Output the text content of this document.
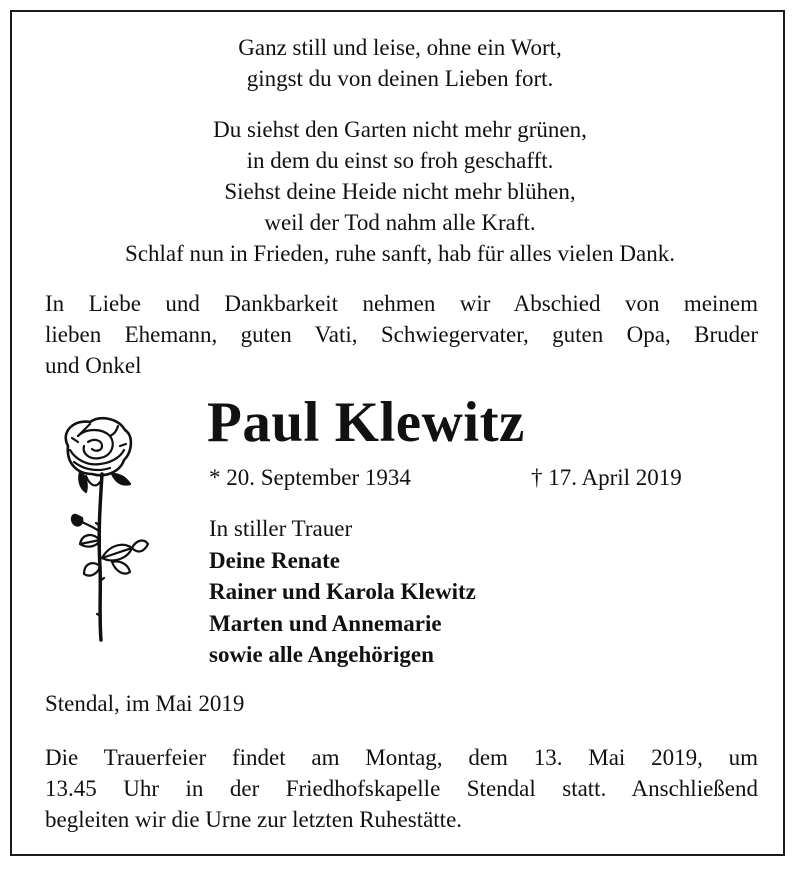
Ganz still und leise, ohne ein Wort,
gingst du von deinen Lieben fort.
Du siehst den Garten nicht mehr grünen,
in dem du einst so froh geschafft.
Siehst deine Heide nicht mehr blühen,
weil der Tod nahm alle Kraft.
Schlaf nun in Frieden, ruhe sanft, hab für alles vielen Dank.
In Liebe und Dankbarkeit nehmen wir Abschied von meinem
lieben Ehemann, guten Vati, Schwiegervater, guten Opa, Bruder
und Onkel
Paul Klewitz
* 20. September 1934	† 17. April 2019
In stiller Trauer
Deine Renate
Rainer und Karola Klewitz
Marten und Annemarie
sowie alle Angehörigen
Stendal, im Mai 2019
Die Trauerfeier findet am Montag, dem 13. Mai 2019, um
13.45 Uhr in der Friedhofskapelle Stendal statt. Anschließend
begleiten wir die Urne zur letzten Ruhestätte.
